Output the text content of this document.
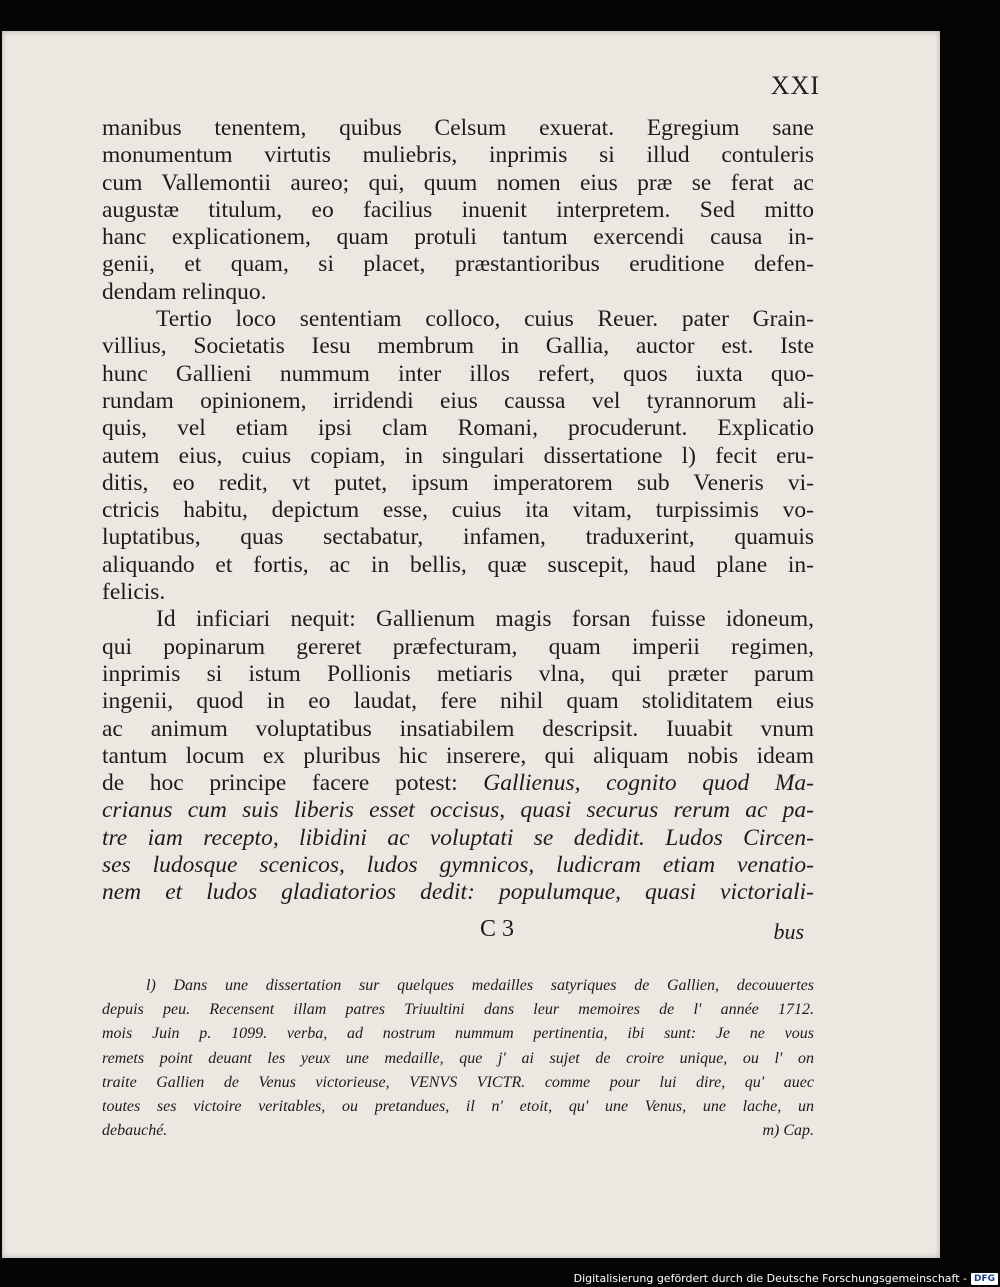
XXI
manibus tenentem, quibus Celsum exuerat. Egregium sane
monumentum virtutis muliebris, inprimis si illud contuleris
cum Vallemontii aureo; qui, quum nomen eius præ se ferat ac
augustæ titulum, eo facilius inuenit interpretem. Sed mitto
hanc explicationem, quam protuli tantum exercendi causa in-
genii, et quam, si placet, præstantioribus eruditione defen-
dendam relinquo.
Tertio loco sententiam colloco, cuius Reuer. pater Grain-
villius, Societatis Iesu membrum in Gallia, auctor est. Iste
hunc Gallieni nummum inter illos refert, quos iuxta quo-
rundam opinionem, irridendi eius caussa vel tyrannorum ali-
quis, vel etiam ipsi clam Romani, procuderunt. Explicatio
autem eius, cuius copiam, in singulari dissertatione l) fecit eru-
ditis, eo redit, vt putet, ipsum imperatorem sub Veneris vi-
ctricis habitu, depictum esse, cuius ita vitam, turpissimis vo-
luptatibus, quas sectabatur, infamen, traduxerint, quamuis
aliquando et fortis, ac in bellis, quæ suscepit, haud plane in-
felicis.
Id inficiari nequit: Gallienum magis forsan fuisse idoneum,
qui popinarum gereret præfecturam, quam imperii regimen,
inprimis si istum Pollionis metiaris vlna, qui præter parum
ingenii, quod in eo laudat, fere nihil quam stoliditatem eius
ac animum voluptatibus insatiabilem descripsit. Iuuabit vnum
tantum locum ex pluribus hic inserere, qui aliquam nobis ideam
de hoc principe facere potest: Gallienus, cognito quod Ma-
crianus cum suis liberis esset occisus, quasi securus rerum ac pa-
tre iam recepto, libidini ac voluptati se dedidit. Ludos Circen-
ses ludosque scenicos, ludos gymnicos, ludicram etiam venatio-
nem et ludos gladiatorios dedit: populumque, quasi victoriali-
C 3	bus
l) Dans une dissertation sur quelques medailles satyriques de Gallien, decouuertes
depuis peu. Recensent illam patres Triuultini dans leur memoires de l' année 1712.
mois Juin p. 1099. verba, ad nostrum nummum pertinentia, ibi sunt: Je ne vous
remets point deuant les yeux une medaille, que j' ai sujet de croire unique, ou l' on
traite Gallien de Venus victorieuse, VENVS VICTR. comme pour lui dire, qu' auec
toutes ses victoire veritables, ou pretandues, il n' etoit, qu' une Venus, une lache, un
debauché.	m) Cap.
Digitalisierung gefördert durch die Deutsche Forschungsgemeinschaft - DFG
